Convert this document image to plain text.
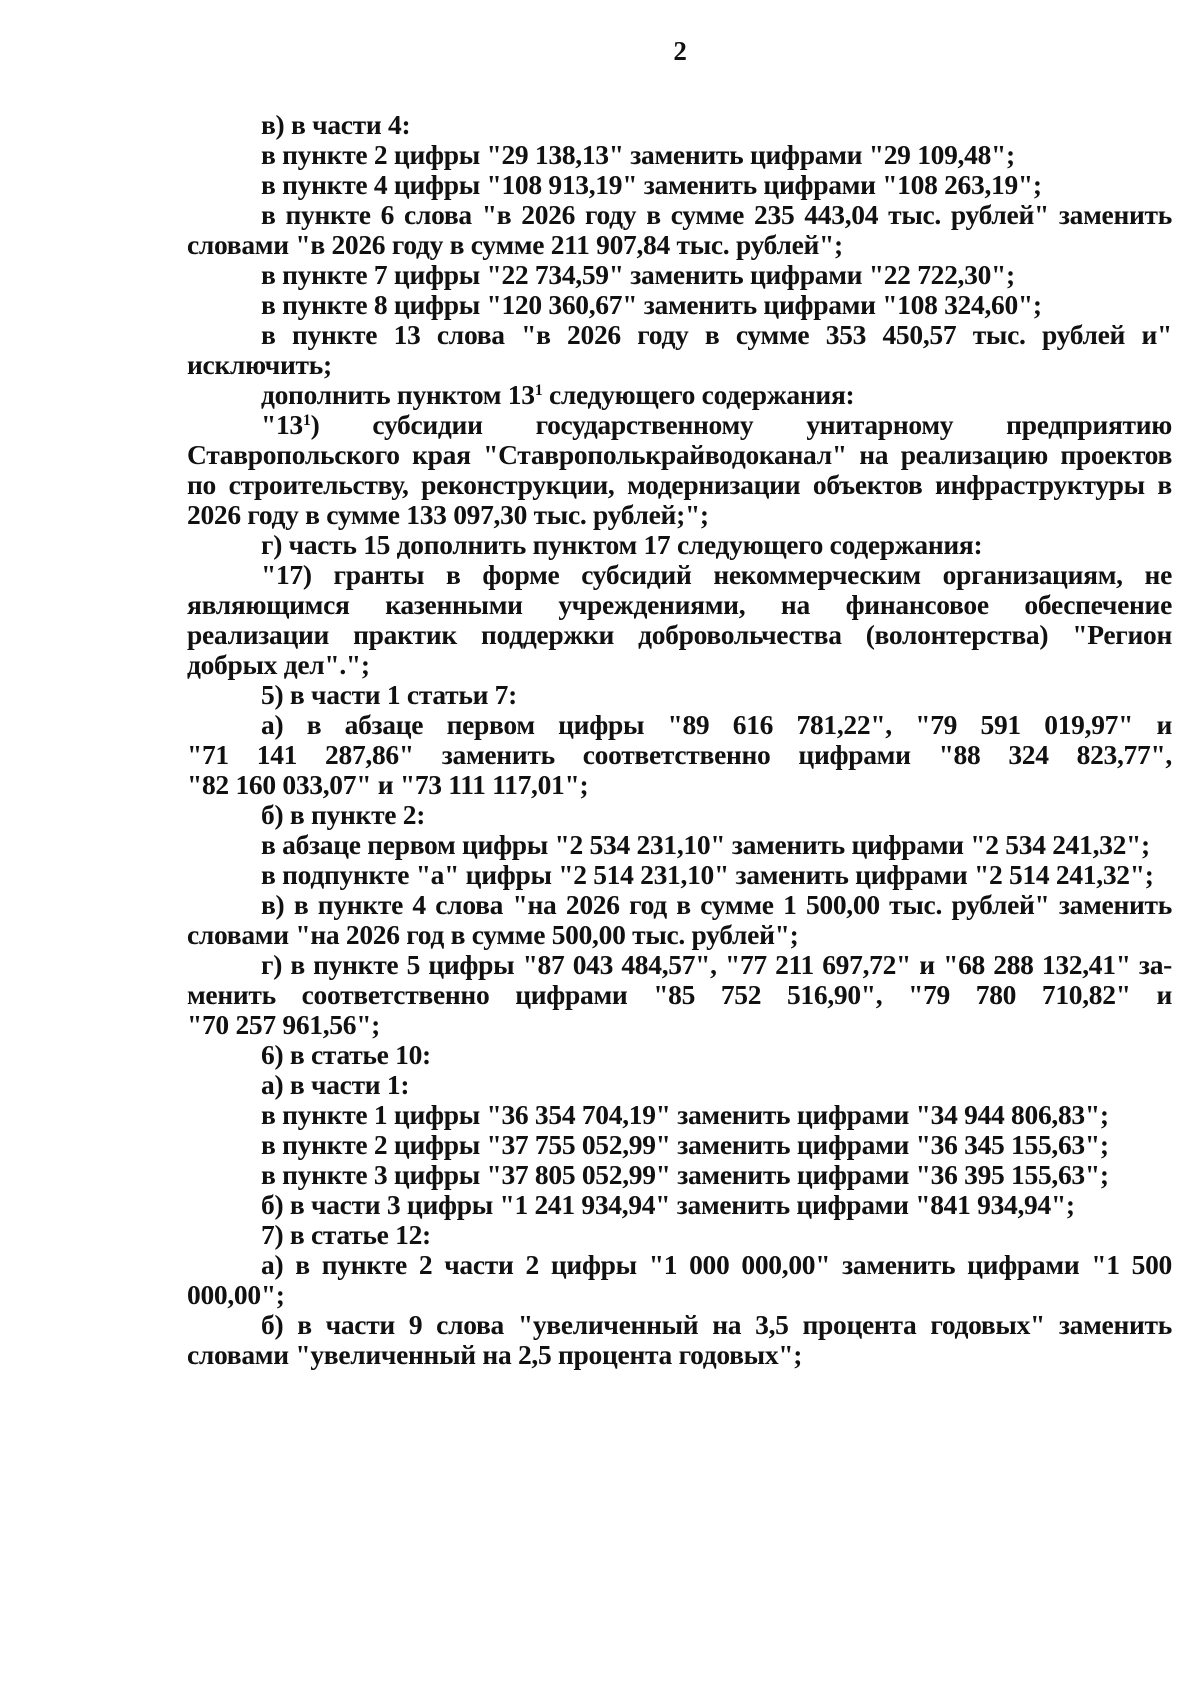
2

в) в части 4:

в пункте 2 цифры "29 138,13" заменить цифрами "29 109,48";

в пункте 4 цифры "108 913,19" заменить цифрами "108 263,19";

в пункте 6 слова "в 2026 году в сумме 235 443,04 тыс. рублей" заменить словами "в 2026 году в сумме 211 907,84 тыс. рублей";

в пункте 7 цифры "22 734,59" заменить цифрами "22 722,30";

в пункте 8 цифры "120 360,67" заменить цифрами "108 324,60";

в пункте 13 слова "в 2026 году в сумме 353 450,57 тыс. рублей и" исключить;

дополнить пунктом $13^1$ следующего содержания:

"$13^1$) субсидии государственному унитарному предприятию Ставропольского края "Ставрополькрайводоканал" на реализацию проектов по строительству, реконструкции, модернизации объектов инфраструктуры в 2026 году в сумме 133 097,30 тыс. рублей;";

г) часть 15 дополнить пунктом 17 следующего содержания:

"17) гранты в форме субсидий некоммерческим организациям, не являющимся казенными учреждениями, на финансовое обеспечение реализации практик поддержки добровольчества (волонтерства) "Регион добрых дел".";

5) в части 1 статьи 7:

а) в абзаце первом цифры "89 616 781,22", "79 591 019,97" и
"71 141 287,86" заменить соответственно цифрами "88 324 823,77",
"82 160 033,07" и "73 111 117,01";

б) в пункте 2:

в абзаце первом цифры "2 534 231,10" заменить цифрами "2 534 241,32";

в подпункте "а" цифры "2 514 231,10" заменить цифрами "2 514 241,32";

в) в пункте 4 слова "на 2026 год в сумме 1 500,00 тыс. рублей" заменить словами "на 2026 год в сумме 500,00 тыс. рублей";

г) в пункте 5 цифры "87 043 484,57", "77 211 697,72" и "68 288 132,41" за-
менить соответственно цифрами "85 752 516,90", "79 780 710,82" и
"70 257 961,56";

6) в статье 10:

а) в части 1:

в пункте 1 цифры "36 354 704,19" заменить цифрами "34 944 806,83";

в пункте 2 цифры "37 755 052,99" заменить цифрами "36 345 155,63";

в пункте 3 цифры "37 805 052,99" заменить цифрами "36 395 155,63";

б) в части 3 цифры "1 241 934,94" заменить цифрами "841 934,94";

7) в статье 12:

а) в пункте 2 части 2 цифры "1 000 000,00" заменить цифрами "1 500 000,00";

б) в части 9 слова "увеличенный на 3,5 процента годовых" заменить словами "увеличенный на 2,5 процента годовых";
